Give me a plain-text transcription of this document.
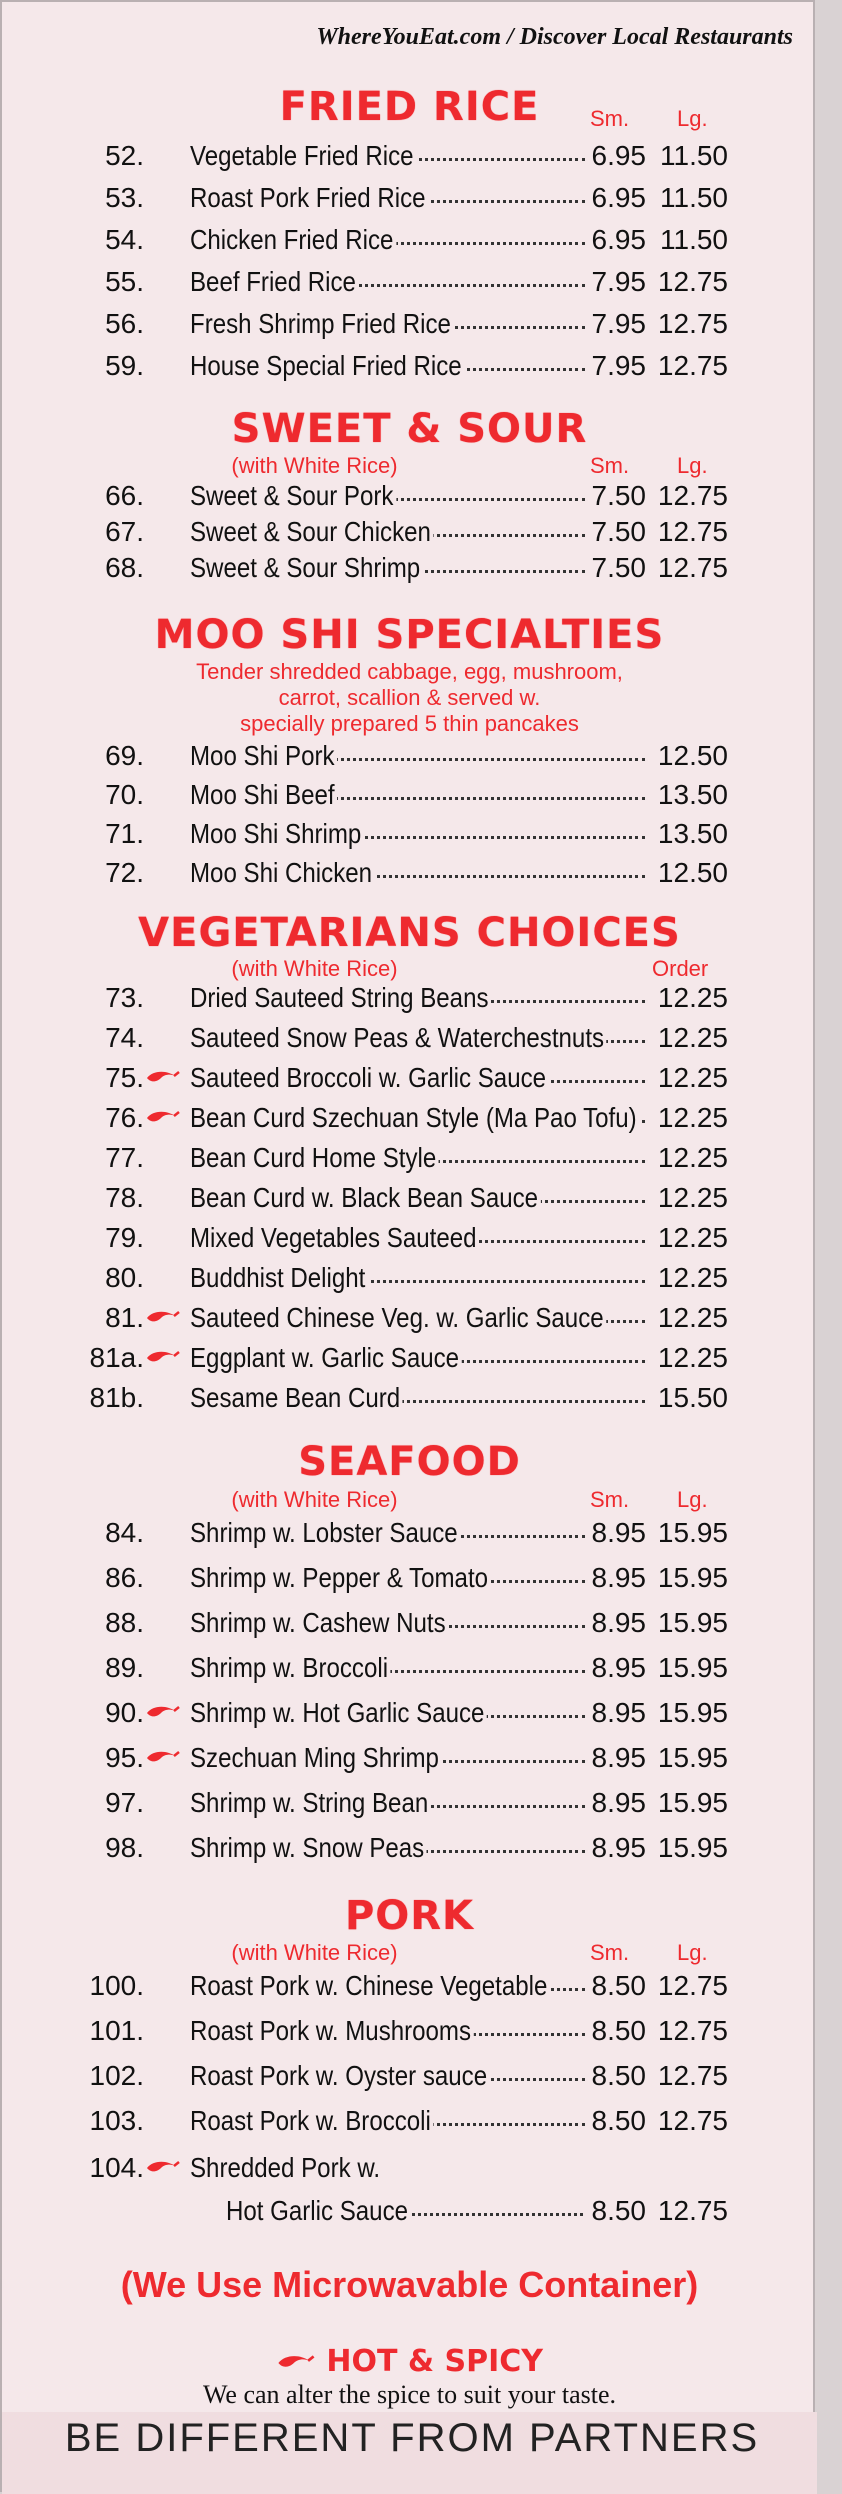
WhereYouEat.com / Discover Local Restaurants
FRIED RICE	Sm. Lg.
52. Vegetable Fried Rice	6.95 11.50
53. Roast Pork Fried Rice	6.95 11.50
54. Chicken Fried Rice	6.95 11.50
55. Beef Fried Rice	7.95 12.75
56. Fresh Shrimp Fried Rice	7.95 12.75
59. House Special Fried Rice	7.95 12.75
SWEET & SOUR
(with White Rice)	Sm. Lg.
66. Sweet & Sour Pork	7.50 12.75
67. Sweet & Sour Chicken	7.50 12.75
68. Sweet & Sour Shrimp	7.50 12.75
MOO SHI SPECIALTIES
Tender shredded cabbage, egg, mushroom,
carrot, scallion & served w.
specially prepared 5 thin pancakes
69. Moo Shi Pork	12.50
70. Moo Shi Beef	13.50
71. Moo Shi Shrimp	13.50
72. Moo Shi Chicken	12.50
VEGETARIANS CHOICES
(with White Rice)	Order
73. Dried Sauteed String Beans	12.25
74. Sauteed Snow Peas & Waterchestnuts 12.25
75. Sauteed Broccoli w. Garlic Sauce	12.25
76. Bean Curd Szechuan Style (Ma Pao Tofu) 12.25
77. Bean Curd Home Style	12.25
78. Bean Curd w. Black Bean Sauce	12.25
79. Mixed Vegetables Sauteed	12.25
80. Buddhist Delight	12.25
81. Sauteed Chinese Veg. w. Garlic Sauce 12.25
81a. Eggplant w. Garlic Sauce	12.25
81b. Sesame Bean Curd	15.50
SEAFOOD
(with White Rice)	Sm. Lg.
84. Shrimp w. Lobster Sauce	8.95 15.95
86. Shrimp w. Pepper & Tomato	8.95 15.95
88. Shrimp w. Cashew Nuts	8.95 15.95
89. Shrimp w. Broccoli	8.95 15.95
90. Shrimp w. Hot Garlic Sauce	8.95 15.95
95. Szechuan Ming Shrimp	8.95 15.95
97. Shrimp w. String Bean	8.95 15.95
98. Shrimp w. Snow Peas	8.95 15.95
PORK
(with White Rice)	Sm. Lg.
100. Roast Pork w. Chinese Vegetable 8.50 12.75
101. Roast Pork w. Mushrooms	8.50 12.75
102. Roast Pork w. Oyster sauce	8.50 12.75
103. Roast Pork w. Broccoli	8.50 12.75
104. Shredded Pork w.
Hot Garlic Sauce	8.50 12.75
(We Use Microwavable Container)
HOT & SPICY
We can alter the spice to suit your taste.
BE DIFFERENT FROM PARTNERS
